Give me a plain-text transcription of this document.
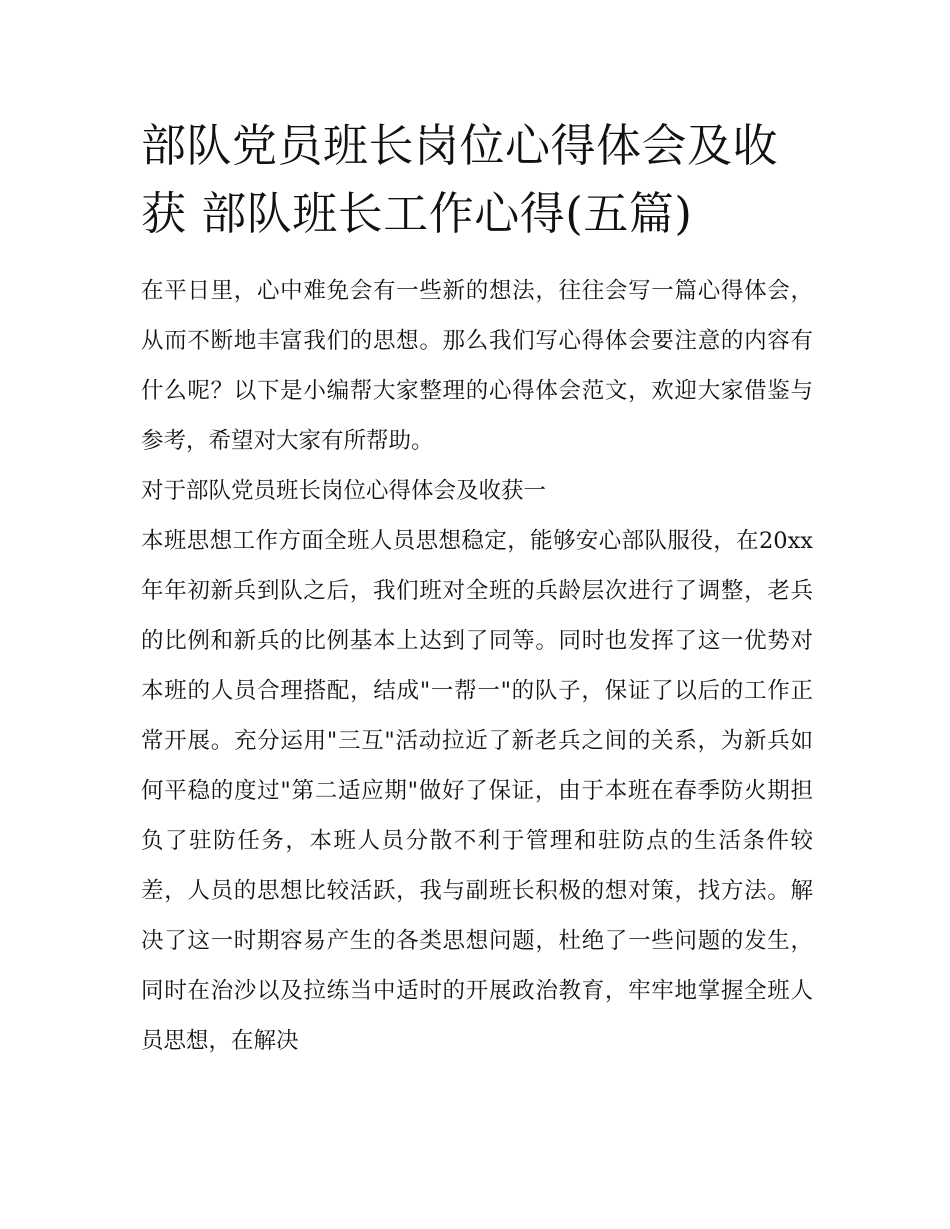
部队党员班长岗位心得体会及收获 部队班长工作心得(五篇)

在平日里，心中难免会有一些新的想法，往往会写一篇心得体会，从而不断地丰富我们的思想。那么我们写心得体会要注意的内容有什么呢？以下是小编帮大家整理的心得体会范文，欢迎大家借鉴与参考，希望对大家有所帮助。

对于部队党员班长岗位心得体会及收获一

本班思想工作方面全班人员思想稳定，能够安心部队服役，在20xx年年初新兵到队之后，我们班对全班的兵龄层次进行了调整，老兵的比例和新兵的比例基本上达到了同等。同时也发挥了这一优势对本班的人员合理搭配，结成"一帮一"的队子，保证了以后的工作正常开展。充分运用"三互"活动拉近了新老兵之间的关系，为新兵如何平稳的度过"第二适应期"做好了保证，由于本班在春季防火期担负了驻防任务，本班人员分散不利于管理和驻防点的生活条件较差，人员的思想比较活跃，我与副班长积极的想对策，找方法。解决了这一时期容易产生的各类思想问题，杜绝了一些问题的发生，同时在治沙以及拉练当中适时的开展政治教育，牢牢地掌握全班人员思想，在解决
